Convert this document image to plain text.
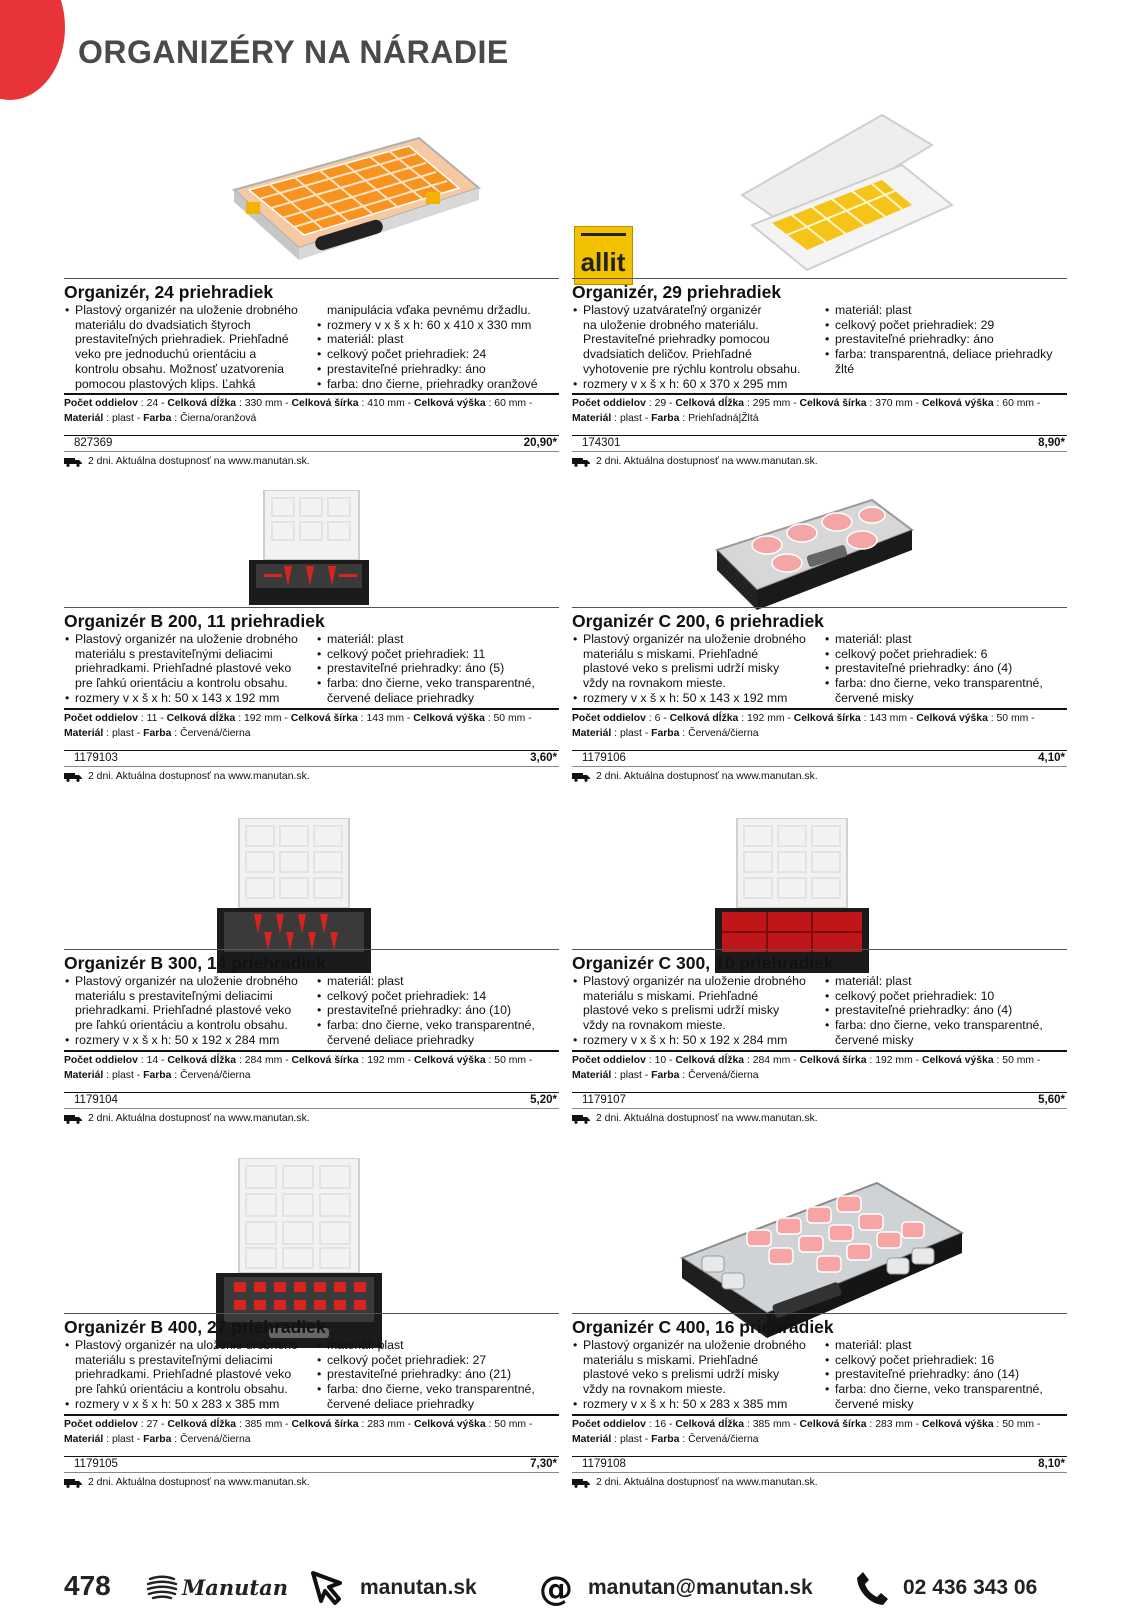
ORGANIZÉRY NA NÁRADIE
allit
Organizér, 24 priehradiek
• Plastový organizér na uloženie drobného
materiálu do dvadsiatich štyroch
prestaviteľných priehradiek. Priehľadné
veko pre jednoduchú orientáciu a
kontrolu obsahu. Možnosť uzatvorenia
pomocou plastových klips. Ľahká
manipulácia vďaka pevnému držadlu.
• rozmery v x š x h: 60 x 410 x 330 mm
• materiál: plast
• celkový počet priehradiek: 24
• prestaviteľné priehradky: áno
• farba: dno čierne, priehradky oranžové
Počet oddielov : 24 - Celková dĺžka : 330 mm - Celková šírka : 410 mm - Celková výška : 60 mm -
Materiál : plast - Farba : Čierna/oranžová
827369	20,90*
2 dni. Aktuálna dostupnosť na www.manutan.sk.
Organizér, 29 priehradiek
• Plastový uzatvárateľný organizér
na uloženie drobného materiálu.
Prestaviteľné priehradky pomocou
dvadsiatich deličov. Priehľadné
vyhotovenie pre rýchlu kontrolu obsahu.
• rozmery v x š x h: 60 x 370 x 295 mm
• materiál: plast
• celkový počet priehradiek: 29
• prestaviteľné priehradky: áno
• farba: transparentná, deliace priehradky
žlté
Počet oddielov : 29 - Celková dĺžka : 295 mm - Celková šírka : 370 mm - Celková výška : 60 mm -
Materiál : plast - Farba : Priehľadná|Žltá
174301	8,90*
2 dni. Aktuálna dostupnosť na www.manutan.sk.
Organizér B 200, 11 priehradiek
• Plastový organizér na uloženie drobného
materiálu s prestaviteľnými deliacimi
priehradkami. Priehľadné plastové veko
pre ľahkú orientáciu a kontrolu obsahu.
• rozmery v x š x h: 50 x 143 x 192 mm
• materiál: plast
• celkový počet priehradiek: 11
• prestaviteľné priehradky: áno (5)
• farba: dno čierne, veko transparentné,
červené deliace priehradky
Počet oddielov : 11 - Celková dĺžka : 192 mm - Celková šírka : 143 mm - Celková výška : 50 mm -
Materiál : plast - Farba : Červená/čierna
1179103	3,60*
2 dni. Aktuálna dostupnosť na www.manutan.sk.
Organizér C 200, 6 priehradiek
• Plastový organizér na uloženie drobného
materiálu s miskami. Priehľadné
plastové veko s prelismi udrží misky
vždy na rovnakom mieste.
• rozmery v x š x h: 50 x 143 x 192 mm
• materiál: plast
• celkový počet priehradiek: 6
• prestaviteľné priehradky: áno (4)
• farba: dno čierne, veko transparentné,
červené misky
Počet oddielov : 6 - Celková dĺžka : 192 mm - Celková šírka : 143 mm - Celková výška : 50 mm -
Materiál : plast - Farba : Červená/čierna
1179106	4,10*
2 dni. Aktuálna dostupnosť na www.manutan.sk.
Organizér B 300, 14 priehradiek
• Plastový organizér na uloženie drobného
materiálu s prestaviteľnými deliacimi
priehradkami. Priehľadné plastové veko
pre ľahkú orientáciu a kontrolu obsahu.
• rozmery v x š x h: 50 x 192 x 284 mm
• materiál: plast
• celkový počet priehradiek: 14
• prestaviteľné priehradky: áno (10)
• farba: dno čierne, veko transparentné,
červené deliace priehradky
Počet oddielov : 14 - Celková dĺžka : 284 mm - Celková šírka : 192 mm - Celková výška : 50 mm -
Materiál : plast - Farba : Červená/čierna
1179104	5,20*
2 dni. Aktuálna dostupnosť na www.manutan.sk.
Organizér C 300, 10 priehradiek
• Plastový organizér na uloženie drobného
materiálu s miskami. Priehľadné
plastové veko s prelismi udrží misky
vždy na rovnakom mieste.
• rozmery v x š x h: 50 x 192 x 284 mm
• materiál: plast
• celkový počet priehradiek: 10
• prestaviteľné priehradky: áno (4)
• farba: dno čierne, veko transparentné,
červené misky
Počet oddielov : 10 - Celková dĺžka : 284 mm - Celková šírka : 192 mm - Celková výška : 50 mm -
Materiál : plast - Farba : Červená/čierna
1179107	5,60*
2 dni. Aktuálna dostupnosť na www.manutan.sk.
Organizér B 400, 27 priehradiek
• Plastový organizér na uloženie drobného
materiálu s prestaviteľnými deliacimi
priehradkami. Priehľadné plastové veko
pre ľahkú orientáciu a kontrolu obsahu.
• rozmery v x š x h: 50 x 283 x 385 mm
• materiál: plast
• celkový počet priehradiek: 27
• prestaviteľné priehradky: áno (21)
• farba: dno čierne, veko transparentné,
červené deliace priehradky
Počet oddielov : 27 - Celková dĺžka : 385 mm - Celková šírka : 283 mm - Celková výška : 50 mm -
Materiál : plast - Farba : Červená/čierna
1179105	7,30*
2 dni. Aktuálna dostupnosť na www.manutan.sk.
Organizér C 400, 16 priehradiek
• Plastový organizér na uloženie drobného
materiálu s miskami. Priehľadné
plastové veko s prelismi udrží misky
vždy na rovnakom mieste.
• rozmery v x š x h: 50 x 283 x 385 mm
• materiál: plast
• celkový počet priehradiek: 16
• prestaviteľné priehradky: áno (14)
• farba: dno čierne, veko transparentné,
červené misky
Počet oddielov : 16 - Celková dĺžka : 385 mm - Celková šírka : 283 mm - Celková výška : 50 mm -
Materiál : plast - Farba : Červená/čierna
1179108	8,10*
2 dni. Aktuálna dostupnosť na www.manutan.sk.
478	Manutan	manutan.sk @ manutan@manutan.sk	02 436 343 06
